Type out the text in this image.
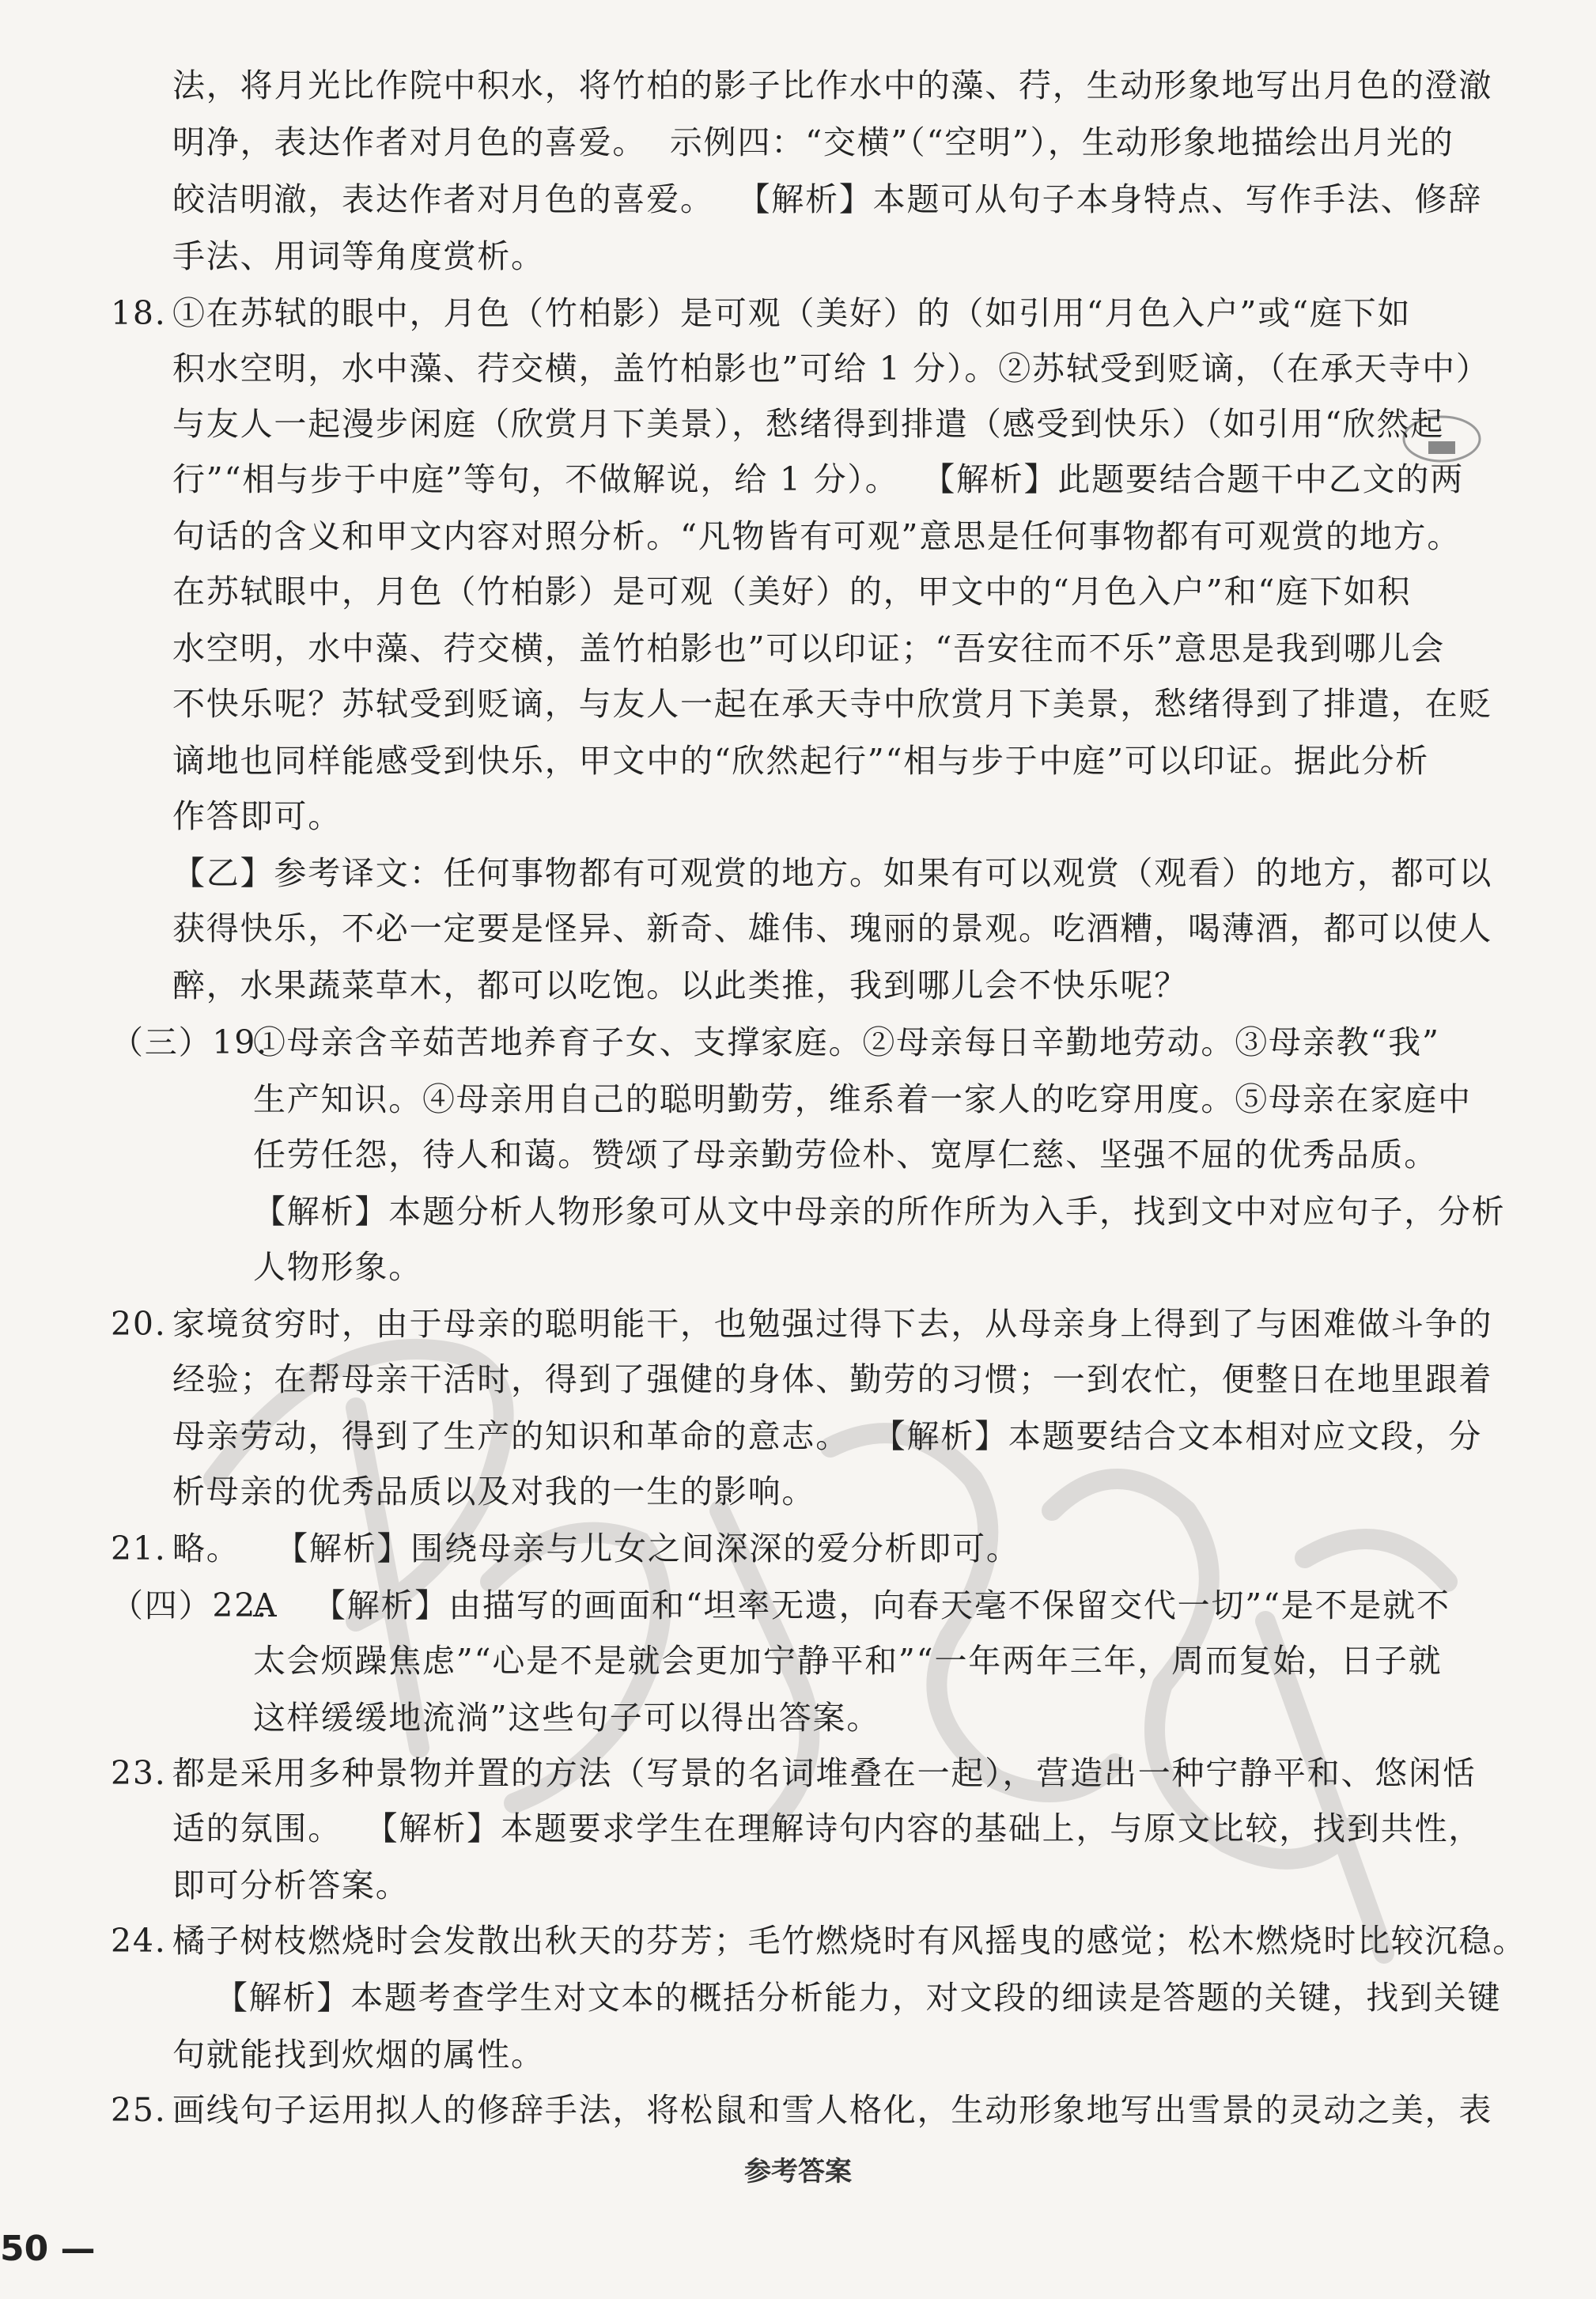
法，将月光比作院中积水，将竹柏的影子比作水中的藻、荇，生动形象地写出月色的澄澈
明净，表达作者对月色的喜爱。  示例四：“交横”（“空明”），生动形象地描绘出月光的
皎洁明澈，表达作者对月色的喜爱。  【解析】本题可从句子本身特点、写作手法、修辞
手法、用词等角度赏析。
①在苏轼的眼中，月色（竹柏影）是可观（美好）的（如引用“月色入户”或“庭下如
18.
积水空明，水中藻、荇交横，盖竹柏影也”可给 1 分）。②苏轼受到贬谪，（在承天寺中）
与友人一起漫步闲庭（欣赏月下美景），愁绪得到排遣（感受到快乐）（如引用“欣然起
行”“相与步于中庭”等句，不做解说，给 1 分）。  【解析】此题要结合题干中乙文的两
句话的含义和甲文内容对照分析。“凡物皆有可观”意思是任何事物都有可观赏的地方。
在苏轼眼中，月色（竹柏影）是可观（美好）的，甲文中的“月色入户”和“庭下如积
水空明，水中藻、荇交横，盖竹柏影也”可以印证；“吾安往而不乐”意思是我到哪儿会
不快乐呢？苏轼受到贬谪，与友人一起在承天寺中欣赏月下美景，愁绪得到了排遣，在贬
谪地也同样能感受到快乐，甲文中的“欣然起行”“相与步于中庭”可以印证。据此分析
作答即可。
【乙】参考译文：任何事物都有可观赏的地方。如果有可以观赏（观看）的地方，都可以
获得快乐，不必一定要是怪异、新奇、雄伟、瑰丽的景观。吃酒糟，喝薄酒，都可以使人
醉，水果蔬菜草木，都可以吃饱。以此类推，我到哪儿会不快乐呢？
①母亲含辛茹苦地养育子女、支撑家庭。②母亲每日辛勤地劳动。③母亲教“我”
（三）19.
生产知识。④母亲用自己的聪明勤劳，维系着一家人的吃穿用度。⑤母亲在家庭中
任劳任怨，待人和蔼。赞颂了母亲勤劳俭朴、宽厚仁慈、坚强不屈的优秀品质。
【解析】本题分析人物形象可从文中母亲的所作所为入手，找到文中对应句子，分析
人物形象。
家境贫穷时，由于母亲的聪明能干，也勉强过得下去，从母亲身上得到了与困难做斗争的
20.
经验；在帮母亲干活时，得到了强健的身体、勤劳的习惯；一到农忙，便整日在地里跟着
母亲劳动，得到了生产的知识和革命的意志。  【解析】本题要结合文本相对应文段，分
析母亲的优秀品质以及对我的一生的影响。
略。   【解析】围绕母亲与儿女之间深深的爱分析即可。
21.
A   【解析】由描写的画面和“坦率无遗，向春天毫不保留交代一切”“是不是就不
（四）22.
太会烦躁焦虑”“心是不是就会更加宁静平和”“一年两年三年，周而复始，日子就
这样缓缓地流淌”这些句子可以得出答案。
都是采用多种景物并置的方法（写景的名词堆叠在一起），营造出一种宁静平和、悠闲恬
23.
适的氛围。  【解析】本题要求学生在理解诗句内容的基础上，与原文比较，找到共性，
即可分析答案。
橘子树枝燃烧时会发散出秋天的芬芳；毛竹燃烧时有风摇曳的感觉；松木燃烧时比较沉稳。
24.
【解析】本题考查学生对文本的概括分析能力，对文段的细读是答题的关键，找到关键
句就能找到炊烟的属性。
画线句子运用拟人的修辞手法，将松鼠和雪人格化，生动形象地写出雪景的灵动之美，表
25.
参考答案
50 —
